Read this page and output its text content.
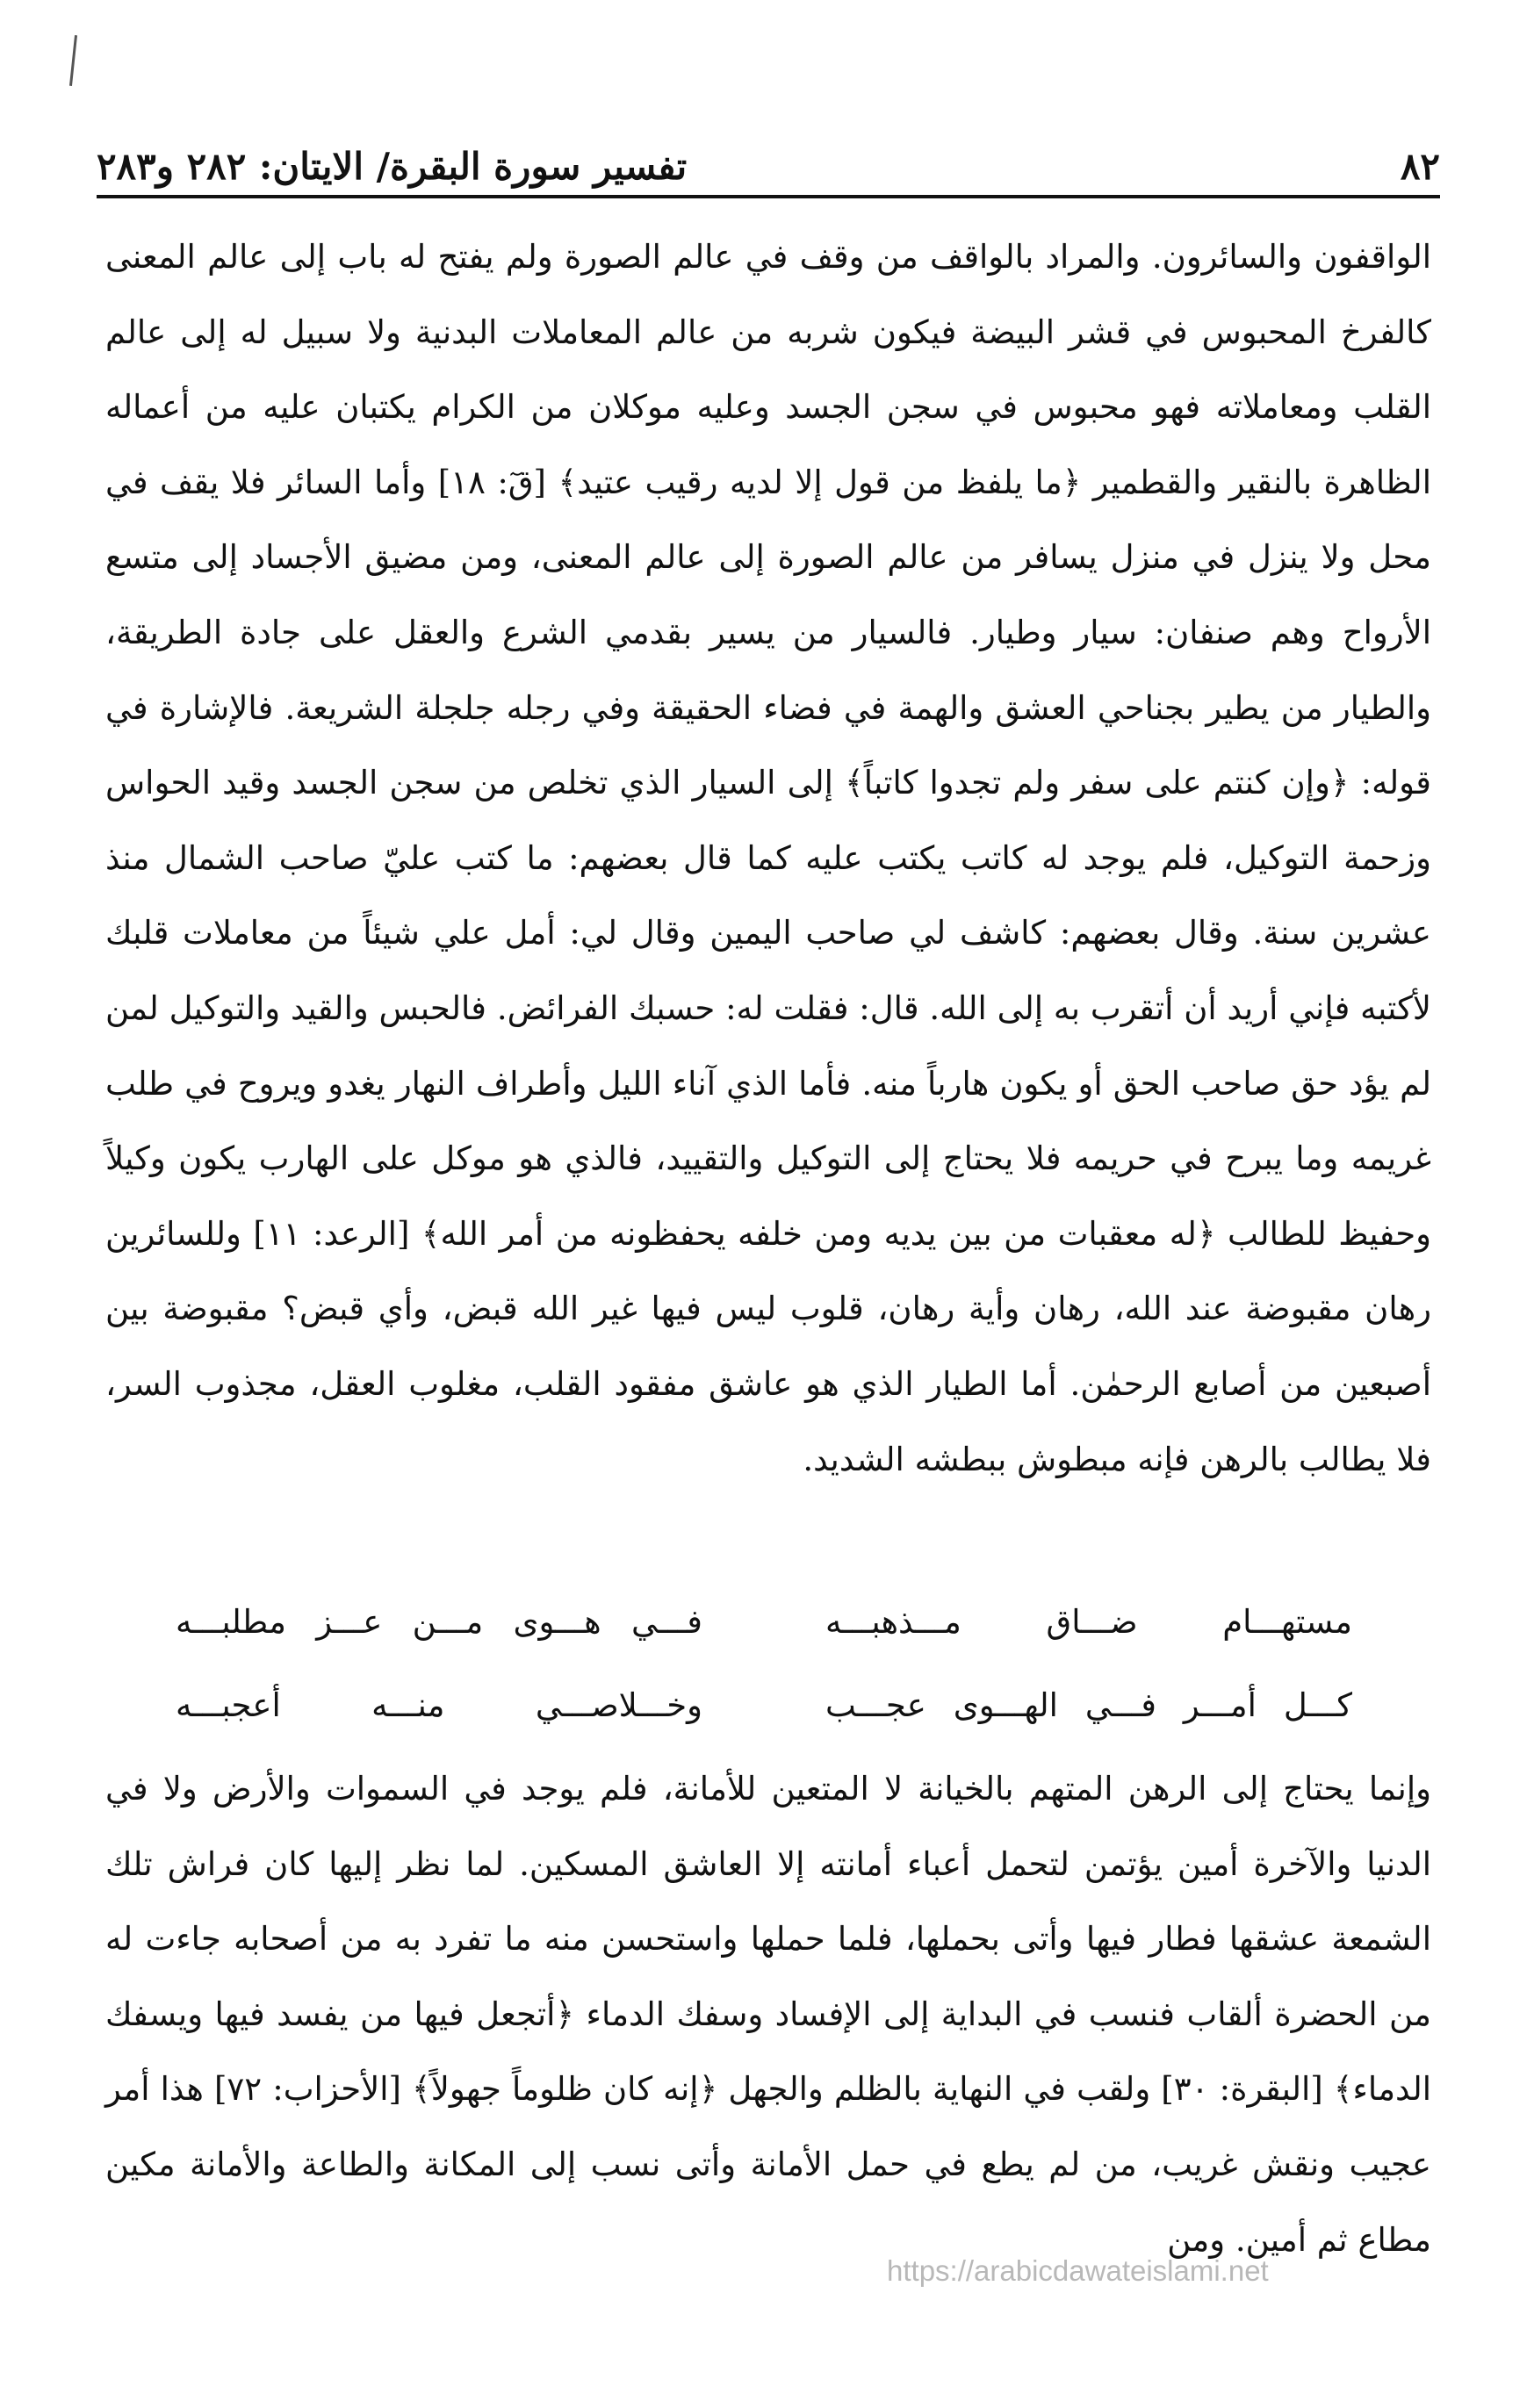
٨٢
تفسير سورة البقرة/ الايتان: ٢٨٢ و٢٨٣

الواقفون والسائرون. والمراد بالواقف من وقف في عالم الصورة ولم يفتح له باب إلى عالم المعنى كالفرخ المحبوس في قشر البيضة فيكون شربه من عالم المعاملات البدنية ولا سبيل له إلى عالم القلب ومعاملاته فهو محبوس في سجن الجسد وعليه موكلان من الكرام يكتبان عليه من أعماله الظاهرة بالنقير والقطمير ﴿ما يلفظ من قول إلا لديه رقيب عتيد﴾ [قٓ: ١٨] وأما السائر فلا يقف في محل ولا ينزل في منزل يسافر من عالم الصورة إلى عالم المعنى، ومن مضيق الأجساد إلى متسع الأرواح وهم صنفان: سيار وطيار. فالسيار من يسير بقدمي الشرع والعقل على جادة الطريقة، والطيار من يطير بجناحي العشق والهمة في فضاء الحقيقة وفي رجله جلجلة الشريعة. فالإشارة في قوله: ﴿وإن كنتم على سفر ولم تجدوا كاتباً﴾ إلى السيار الذي تخلص من سجن الجسد وقيد الحواس وزحمة التوكيل، فلم يوجد له كاتب يكتب عليه كما قال بعضهم: ما كتب عليّ صاحب الشمال منذ عشرين سنة. وقال بعضهم: كاشف لي صاحب اليمين وقال لي: أمل علي شيئاً من معاملات قلبك لأكتبه فإني أريد أن أتقرب به إلى الله. قال: فقلت له: حسبك الفرائض. فالحبس والقيد والتوكيل لمن لم يؤد حق صاحب الحق أو يكون هارباً منه. فأما الذي آناء الليل وأطراف النهار يغدو ويروح في طلب غريمه وما يبرح في حريمه فلا يحتاج إلى التوكيل والتقييد، فالذي هو موكل على الهارب يكون وكيلاً وحفيظ للطالب ﴿له معقبات من بين يديه ومن خلفه يحفظونه من أمر الله﴾ [الرعد: ١١] وللسائرين رهان مقبوضة عند الله، رهان وأية رهان، قلوب ليس فيها غير الله قبض، وأي قبض؟ مقبوضة بين أصبعين من أصابع الرحمٰن. أما الطيار الذي هو عاشق مفقود القلب، مغلوب العقل، مجذوب السر، فلا يطالب بالرهن فإنه مبطوش ببطشه الشديد.

مستهـــام ضـــاق مـــذهبـــه
فـــي هـــوى مـــن عـــز مطلبـــه
كـــل أمـــر فـــي الهـــوى عجـــب
وخـــلاصـــي منـــه أعجبـــه

وإنما يحتاج إلى الرهن المتهم بالخيانة لا المتعين للأمانة، فلم يوجد في السموات والأرض ولا في الدنيا والآخرة أمين يؤتمن لتحمل أعباء أمانته إلا العاشق المسكين. لما نظر إليها كان فراش تلك الشمعة عشقها فطار فيها وأتى بحملها، فلما حملها واستحسن منه ما تفرد به من أصحابه جاءت له من الحضرة ألقاب فنسب في البداية إلى الإفساد وسفك الدماء ﴿أتجعل فيها من يفسد فيها ويسفك الدماء﴾ [البقرة: ٣٠] ولقب في النهاية بالظلم والجهل ﴿إنه كان ظلوماً جهولاً﴾ [الأحزاب: ٧٢] هذا أمر عجيب ونقش غريب، من لم يطع في حمل الأمانة وأتى نسب إلى المكانة والطاعة والأمانة مكين مطاع ثم أمين. ومن

https://arabicdawateislami.net
